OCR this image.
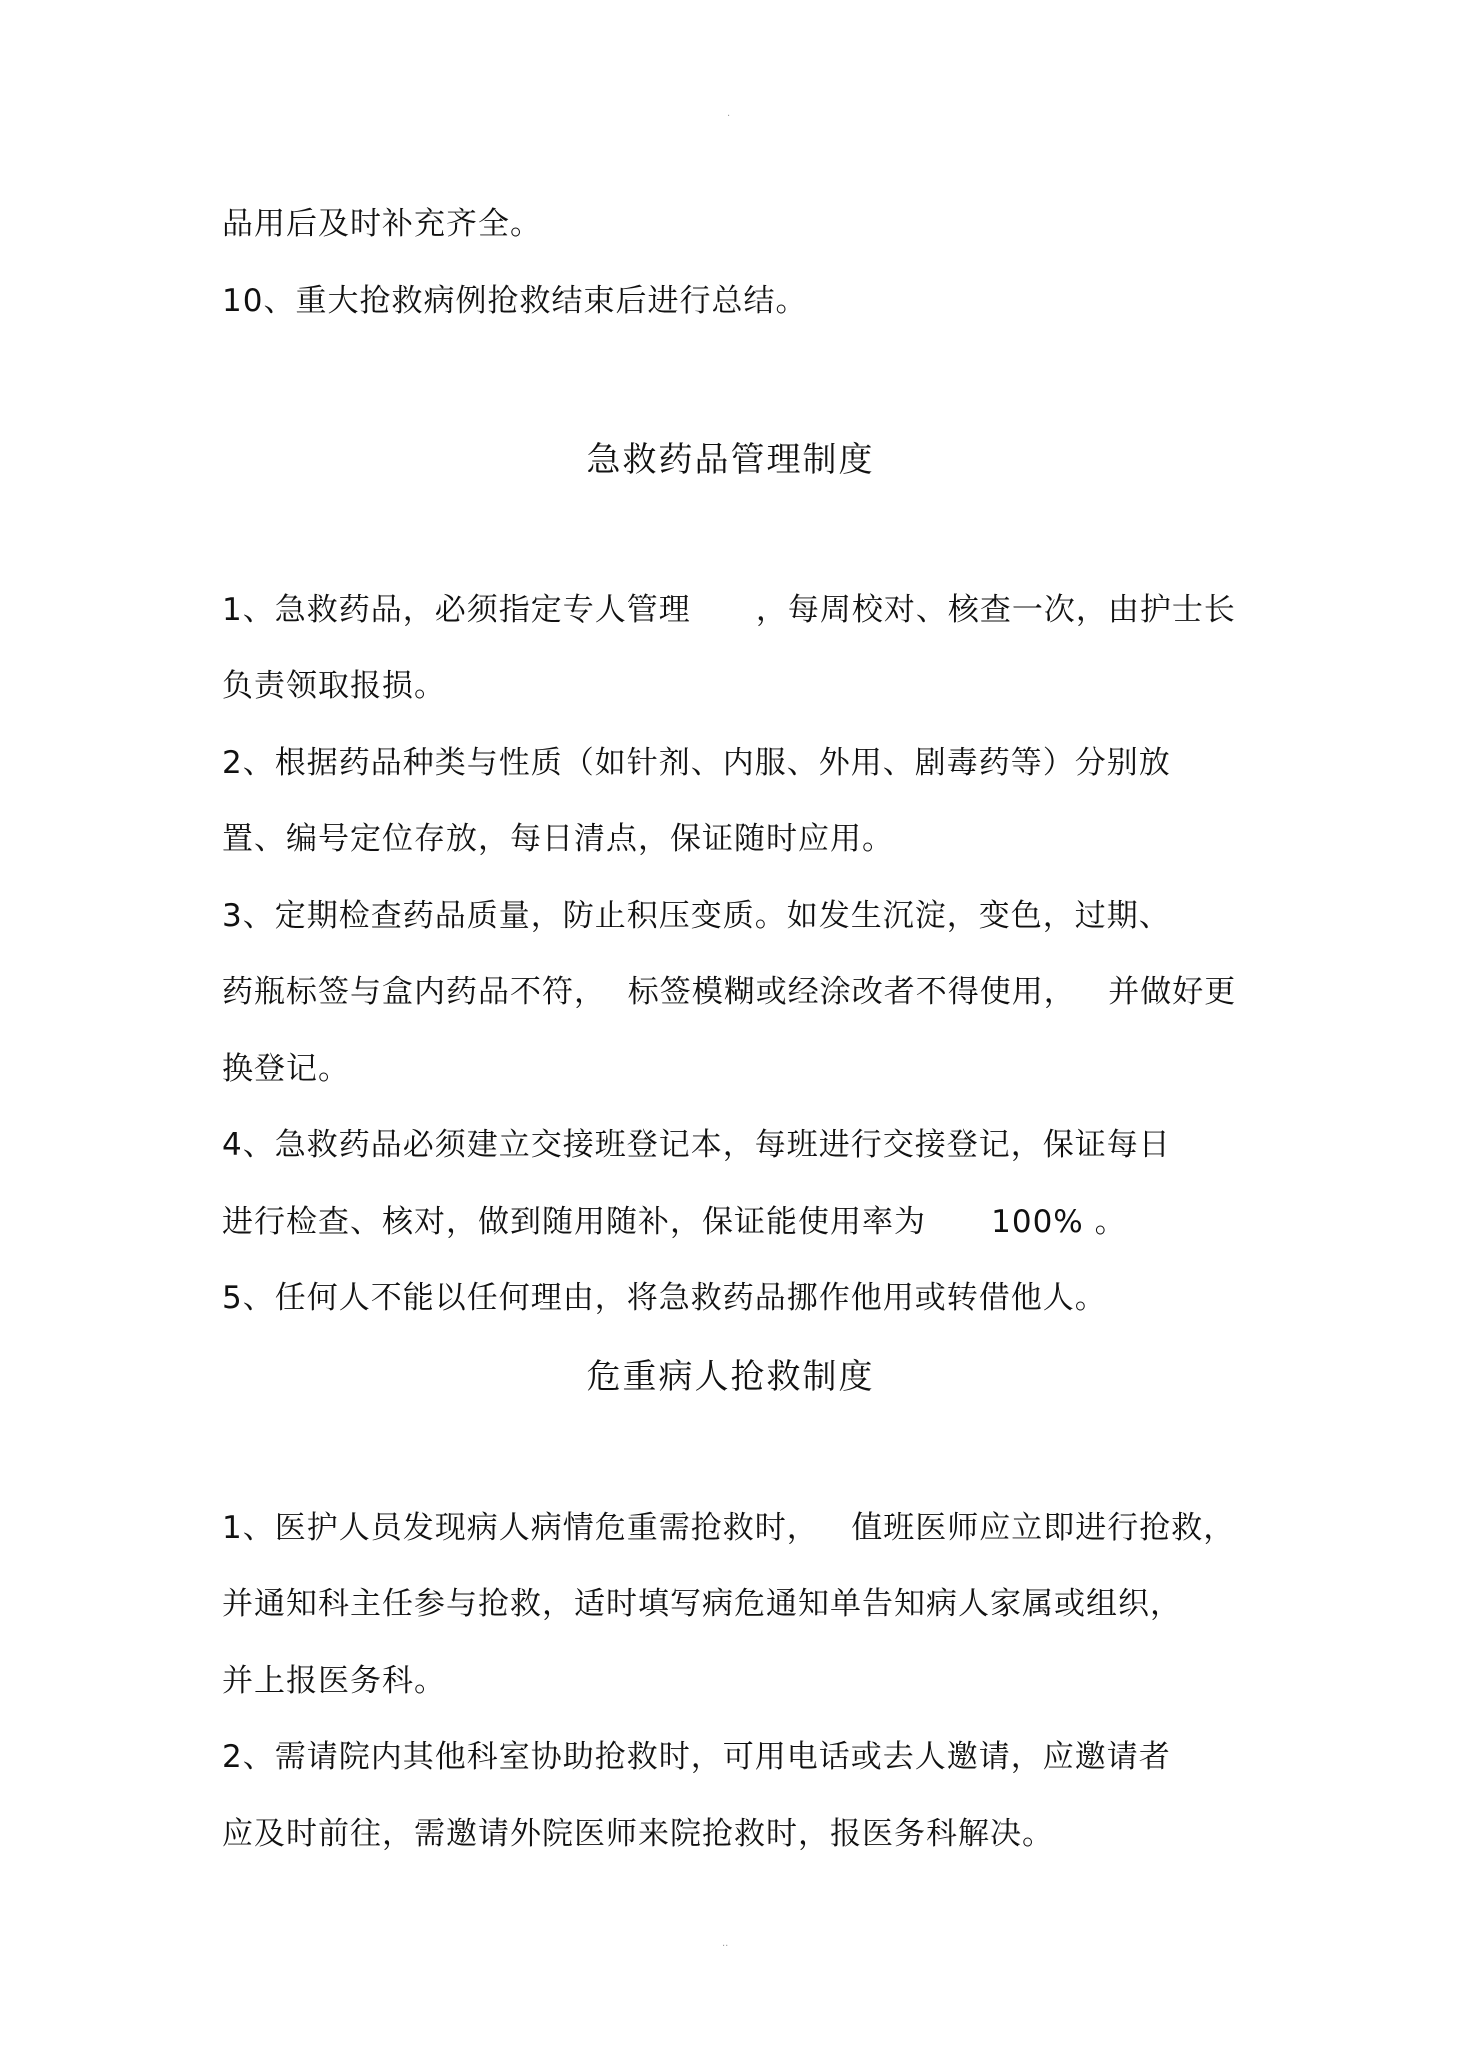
·
品用后及时补充齐全。
10、重大抢救病例抢救结束后进行总结。
急救药品管理制度
1、急救药品，必须指定专人管理      ，每周校对、核查一次，由护士长
负责领取报损。
2、根据药品种类与性质（如针剂、内服、外用、剧毒药等）分别放
置、编号定位存放，每日清点，保证随时应用。
3、定期检查药品质量，防止积压变质。如发生沉淀，变色，过期、
药瓶标签与盒内药品不符，  标签模糊或经涂改者不得使用，   并做好更
换登记。
4、急救药品必须建立交接班登记本，每班进行交接登记，保证每日
进行检查、核对，做到随用随补，保证能使用率为      100% 。
5、任何人不能以任何理由，将急救药品挪作他用或转借他人。
危重病人抢救制度
1、医护人员发现病人病情危重需抢救时，   值班医师应立即进行抢救，
并通知科主任参与抢救，适时填写病危通知单告知病人家属或组织，
并上报医务科。
2、需请院内其他科室协助抢救时，可用电话或去人邀请，应邀请者
应及时前往，需邀请外院医师来院抢救时，报医务科解决。
··
